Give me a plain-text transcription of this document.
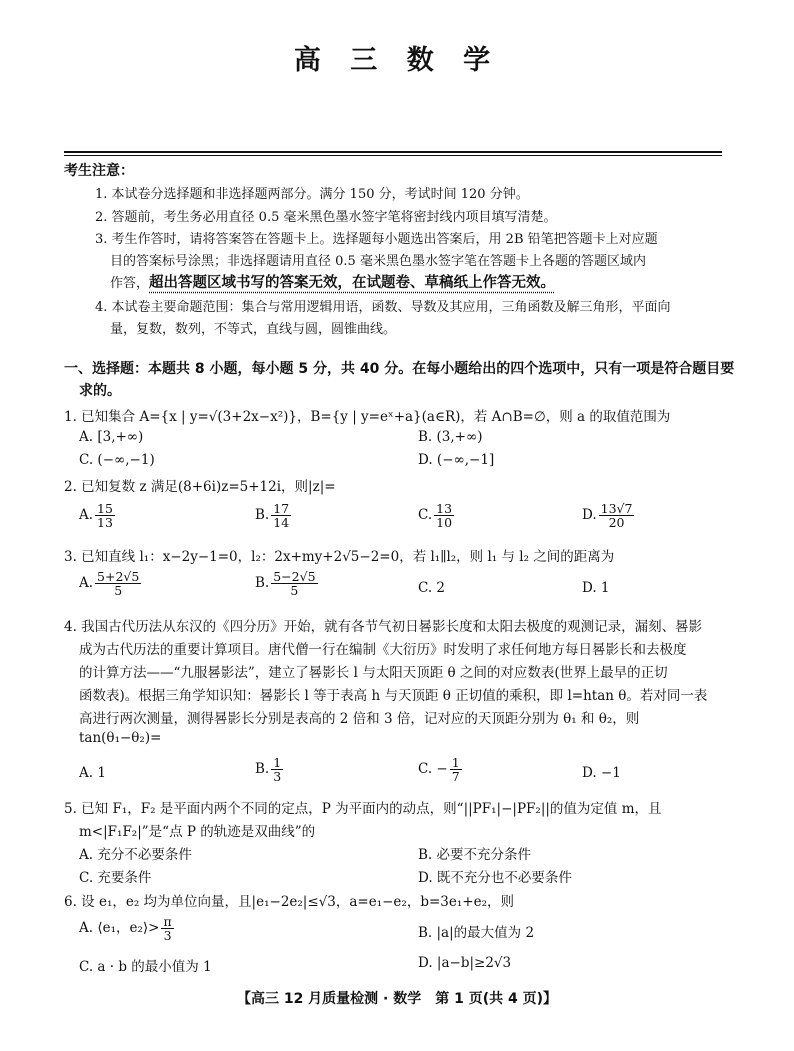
高 三 数 学
考生注意：
1. 本试卷分选择题和非选择题两部分。满分 150 分，考试时间 120 分钟。
2. 答题前，考生务必用直径 0.5 毫米黑色墨水签字笔将密封线内项目填写清楚。
3. 考生作答时，请将答案答在答题卡上。选择题每小题选出答案后，用 2B 铅笔把答题卡上对应题
目的答案标号涂黑；非选择题请用直径 0.5 毫米黑色墨水签字笔在答题卡上各题的答题区域内
作答，超出答题区域书写的答案无效，在试题卷、草稿纸上作答无效。
4. 本试卷主要命题范围：集合与常用逻辑用语，函数、导数及其应用，三角函数及解三角形，平面向
量，复数，数列，不等式，直线与圆，圆锥曲线。
一、选择题：本题共 8 小题，每小题 5 分，共 40 分。在每小题给出的四个选项中，只有一项是符合题目要
求的。
1. 已知集合 A={x | y=√(3+2x−x²)}，B={y | y=eˣ+a}(a∈R)，若 A∩B=∅，则 a 的取值范围为
A. [3,+∞)	B. (3,+∞)
C. (−∞,−1)	D. (−∞,−1]
2. 已知复数 z 满足(8+6i)z=5+12i，则|z|=
A. $\frac{15}{13}$	B. $\frac{17}{14}$	C. $\frac{13}{10}$	D. $\frac{13√7}{20}$
3. 已知直线 l₁：x−2y−1=0，l₂：2x+my+2√5−2=0，若 l₁∥l₂，则 l₁ 与 l₂ 之间的距离为
A. $\frac{5+2√5}{5}$	B. $\frac{5-2√5}{5}$	C. 2	D. 1
4. 我国古代历法从东汉的《四分历》开始，就有各节气初日晷影长度和太阳去极度的观测记录，漏刻、晷影
成为古代历法的重要计算项目。唐代僧一行在编制《大衍历》时发明了求任何地方每日晷影长和去极度
的计算方法——“九服晷影法”，建立了晷影长 l 与太阳天顶距 θ 之间的对应数表(世界上最早的正切
函数表)。根据三角学知识知：晷影长 l 等于表高 h 与天顶距 θ 正切值的乘积，即 l=htan θ。若对同一表
高进行两次测量，测得晷影长分别是表高的 2 倍和 3 倍，记对应的天顶距分别为 θ₁ 和 θ₂，则
tan(θ₁−θ₂)=
A. 1	B. $\frac{1}{3}$	C. − $\frac{1}{7}$	D. −1
5. 已知 F₁，F₂ 是平面内两个不同的定点，P 为平面内的动点，则“||PF₁|−|PF₂||的值为定值 m，且
m<|F₁F₂|”是“点 P 的轨迹是双曲线”的
A. 充分不必要条件	B. 必要不充分条件
C. 充要条件	D. 既不充分也不必要条件
6. 设 e₁，e₂ 均为单位向量，且|e₁−2e₂|≤√3，a=e₁−e₂，b=3e₁+e₂，则
A. ⟨e₁，e₂⟩> $\frac{\pi}{3}$	B. |a|的最大值为 2
C. a · b 的最小值为 1	D. |a−b|≥2√3
【高三 12 月质量检测 · 数学　第 1 页(共 4 页)】
